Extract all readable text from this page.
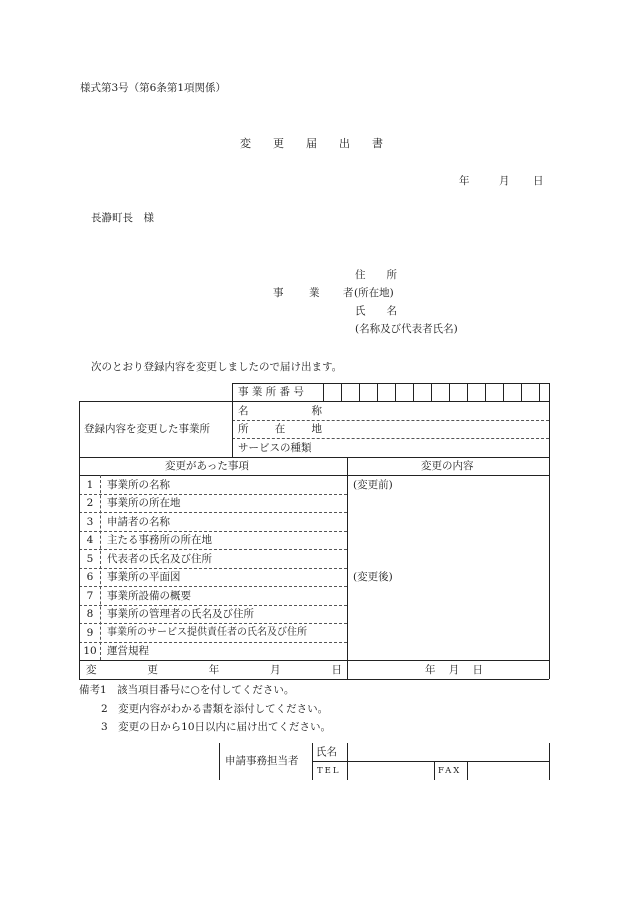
様式第3号（第6条第1項関係）
変　　更　　届　　出　　書
年	月 日
長瀞町長　様
住　　所
事 業 者 (所在地)
氏　　名
(名称及び代表者氏名)
次のとおり登録内容を変更しましたので届け出ます。
事 業 所 番 号
登録内容を変更した事業所
名	称
所	在	地
サービスの種類
変更があった事項	変更の内容
(変更前)
(変更後)
1	事業所の名称
2	事業所の所在地
3	申請者の名称
4	主たる事務所の所在地
5	代表者の氏名及び住所
6	事業所の平面図
7	事業所設備の概要
8	事業所の管理者の氏名及び住所
9	事業所のサービス提供責任者の氏名及び住所
10 運営規程
変	更	年	月	日	年 月 日
備考1　該当項目番号に○を付してください。
2　変更内容がわかる書類を添付してください。
3　変更の日から10日以内に届け出てください。
申請事務担当者
氏名
TEL	FAX
